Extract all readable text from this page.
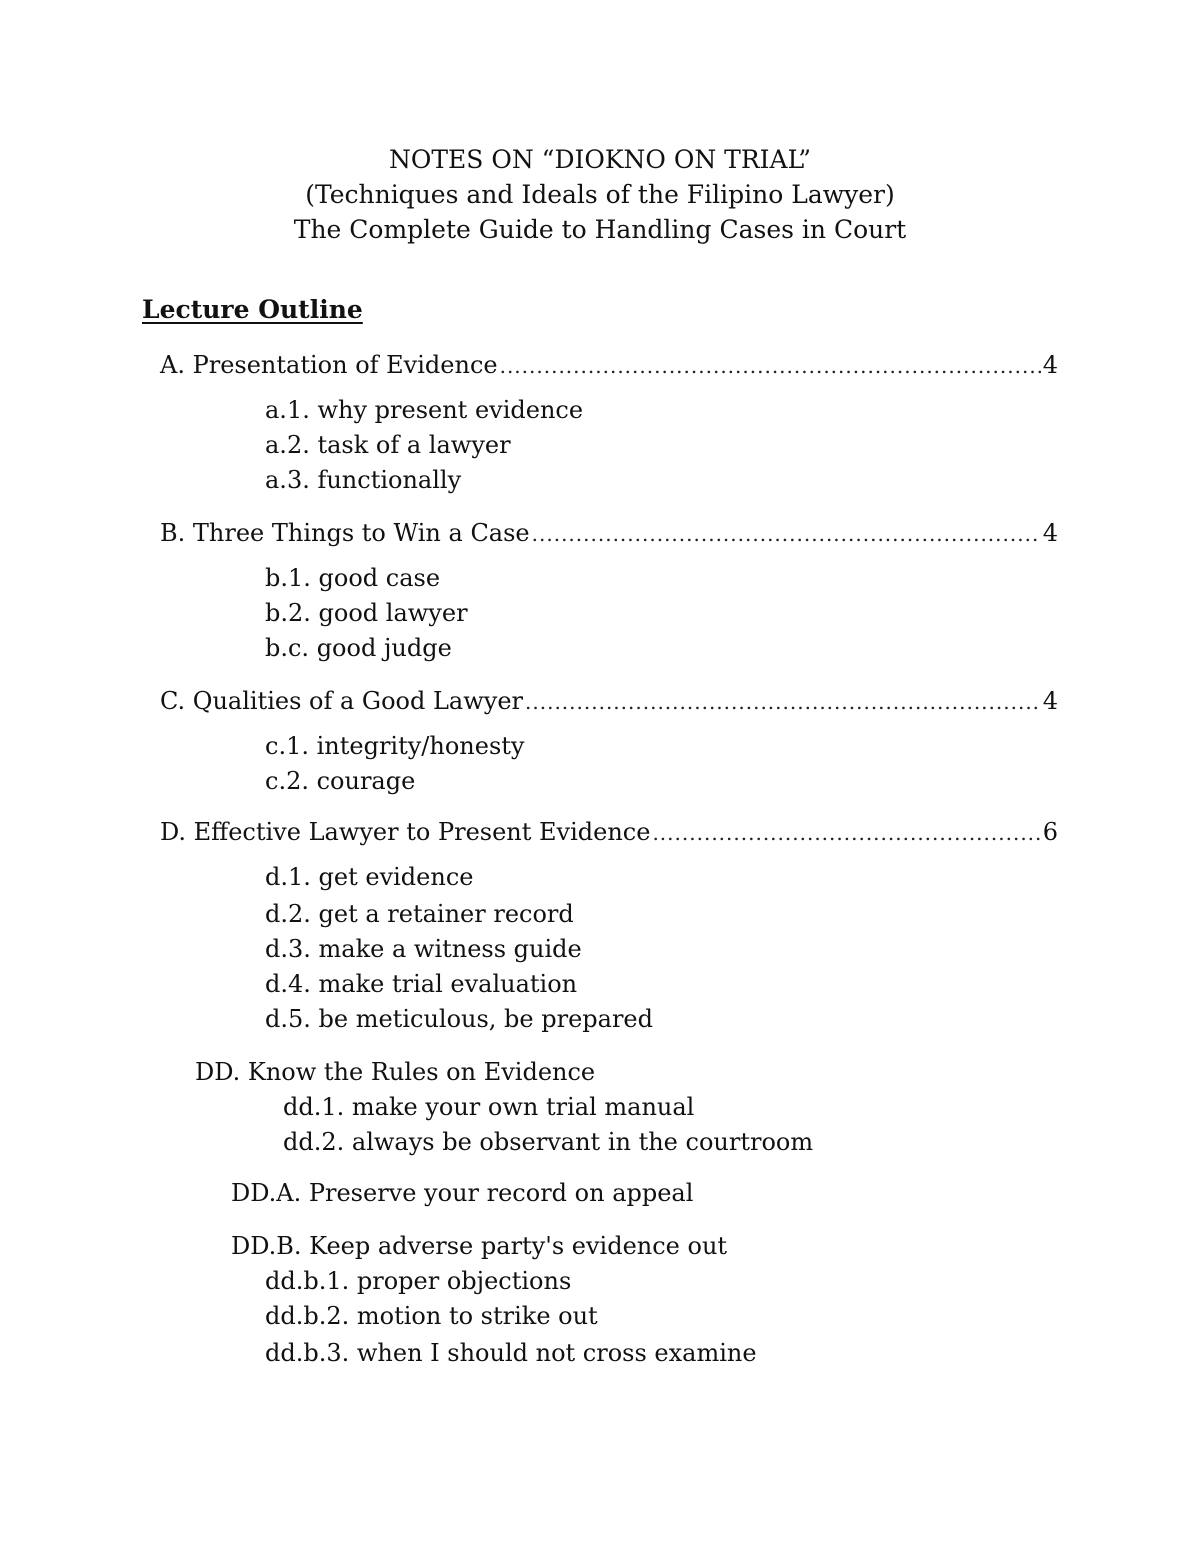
NOTES ON “DIOKNO ON TRIAL”
(Techniques and Ideals of the Filipino Lawyer)
The Complete Guide to Handling Cases in Court
Lecture Outline
A. Presentation of Evidence .....	4
a.1. why present evidence
a.2. task of a lawyer
a.3. functionally
B. Three Things to Win a Case .....	4
b.1. good case
b.2. good lawyer
b.c. good judge
C. Qualities of a Good Lawyer .....	4
c.1. integrity/honesty
c.2. courage
D. Effective Lawyer to Present Evidence .....	6
d.1. get evidence
d.2. get a retainer record
d.3. make a witness guide
d.4. make trial evaluation
d.5. be meticulous, be prepared
DD. Know the Rules on Evidence
dd.1. make your own trial manual
dd.2. always be observant in the courtroom
DD.A. Preserve your record on appeal
DD.B. Keep adverse party's evidence out
dd.b.1. proper objections
dd.b.2. motion to strike out
dd.b.3. when I should not cross examine
